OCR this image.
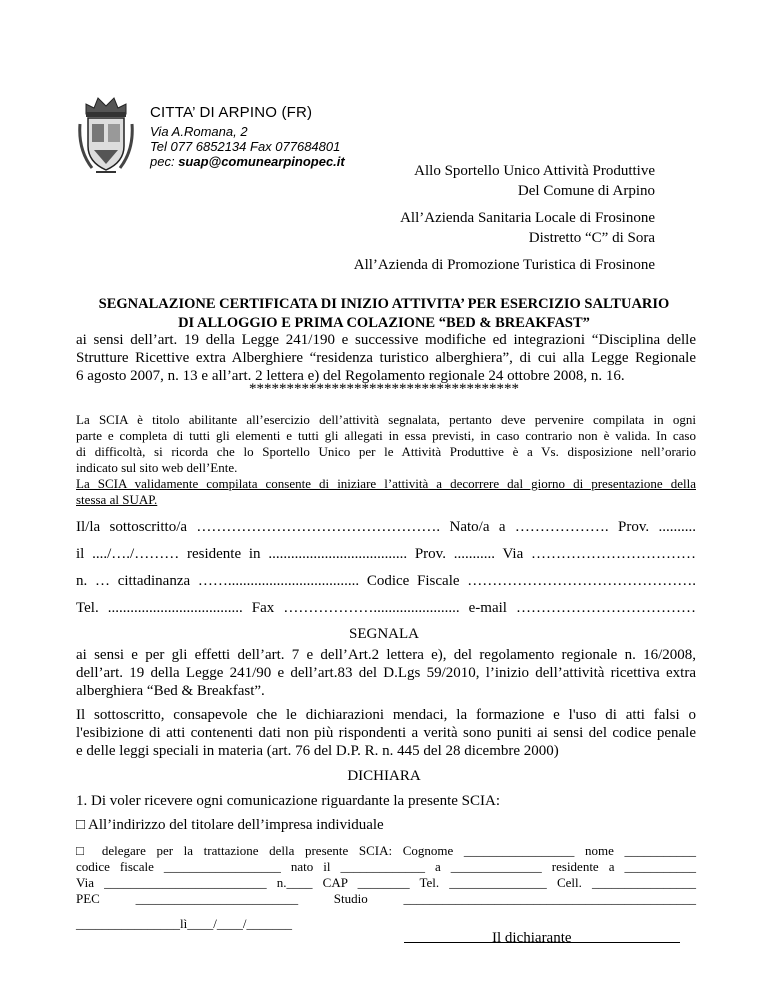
CITTA’ DI ARPINO (FR)
Via A.Romana, 2
Tel 077 6852134 Fax 077684801
pec: suap@comunearpinopec.it
Allo Sportello Unico Attività Produttive
Del Comune di Arpino
All’Azienda Sanitaria Locale di Frosinone
Distretto “C” di Sora
All’Azienda di Promozione Turistica di Frosinone
SEGNALAZIONE CERTIFICATA DI INIZIO ATTIVITA’ PER ESERCIZIO SALTUARIO
DI ALLOGGIO E PRIMA COLAZIONE “BED & BREAKFAST”
ai sensi dell’art. 19 della Legge 241/190 e successive modifiche ed integrazioni “Disciplina delle
Strutture Ricettive extra Alberghiere “residenza turistico alberghiera”, di cui alla Legge Regionale
6 agosto 2007, n. 13 e all’art. 2 lettera e) del Regolamento regionale 24 ottobre 2008, n. 16.
************************************
La SCIA è titolo abilitante all’esercizio dell’attività segnalata, pertanto deve pervenire compilata in ogni
parte e completa di tutti gli elementi e tutti gli allegati in essa previsti, in caso contrario non è valida. In caso
di difficoltà, si ricorda che lo Sportello Unico per le Attività Produttive è a Vs. disposizione nell’orario
indicato sul sito web dell’Ente.
La SCIA validamente compilata consente di iniziare l’attività a decorrere dal giorno di presentazione della
stessa al SUAP.
Il/la sottoscritto/a …………………………………………. Nato/a a ………………. Prov. ..........
il ..../…./……… residente in ..................................... Prov. ........... Via ……………………………
n. … cittadinanza ……................................... Codice Fiscale ……………………………………….
Tel. .................................... Fax ………………....................... e-mail ………………………………
SEGNALA
ai sensi e per gli effetti dell’art. 7 e dell’Art.2 lettera e), del regolamento regionale n. 16/2008,
dell’art. 19 della Legge 241/90 e dell’art.83 del D.Lgs 59/2010, l’inizio dell’attività ricettiva extra
alberghiera “Bed & Breakfast”.
Il sottoscritto, consapevole che le dichiarazioni mendaci, la formazione e l'uso di atti falsi o
l'esibizione di atti contenenti dati non più rispondenti a verità sono puniti ai sensi del codice penale
e delle leggi speciali in materia (art. 76 del D.P. R. n. 445 del 28 dicembre 2000)
DICHIARA
1. Di voler ricevere ogni comunicazione riguardante la presente SCIA:
□ All’indirizzo del titolare dell’impresa individuale
□ delegare per la trattazione della presente SCIA: Cognome _________________ nome ___________
codice fiscale __________________ nato il _____________ a ______________ residente a ___________
Via _________________________ n.____ CAP ________ Tel. _______________ Cell. ________________
PEC _________________________ Studio _____________________________________________
________________lì____/____/_______
Il dichiarante
